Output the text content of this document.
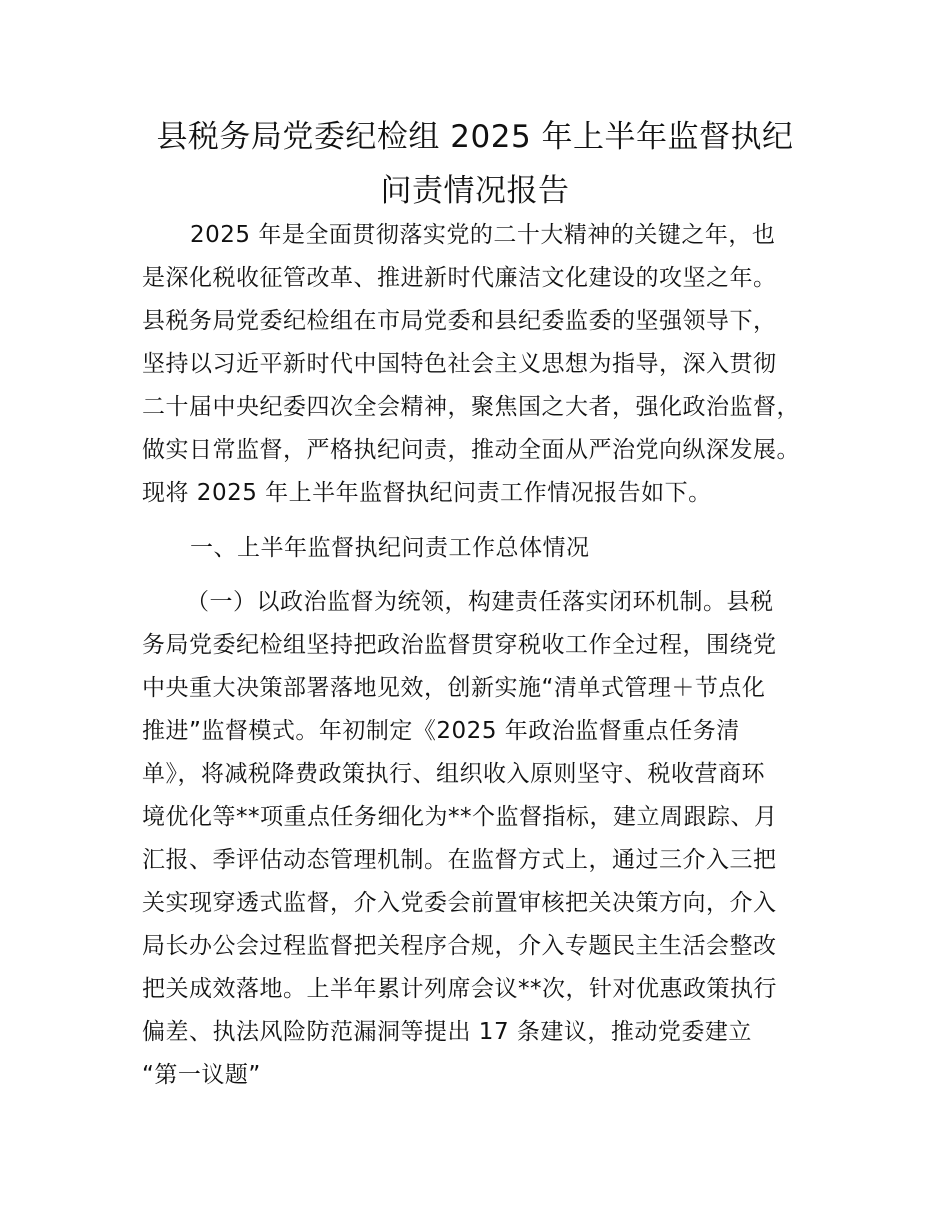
县税务局党委纪检组 2025 年上半年监督执纪
问责情况报告

2025 年是全面贯彻落实党的二十大精神的关键之年，也

是深化税收征管改革、推进新时代廉洁文化建设的攻坚之年。

县税务局党委纪检组在市局党委和县纪委监委的坚强领导下，

坚持以习近平新时代中国特色社会主义思想为指导，深入贯彻

二十届中央纪委四次全会精神，聚焦国之大者，强化政治监督，

做实日常监督，严格执纪问责，推动全面从严治党向纵深发展。

现将 2025 年上半年监督执纪问责工作情况报告如下。

一、上半年监督执纪问责工作总体情况

（一）以政治监督为统领，构建责任落实闭环机制。县税

务局党委纪检组坚持把政治监督贯穿税收工作全过程，围绕党

中央重大决策部署落地见效，创新实施“清单式管理＋节点化

推进”监督模式。年初制定《2025 年政治监督重点任务清

单》，将减税降费政策执行、组织收入原则坚守、税收营商环

境优化等**项重点任务细化为**个监督指标，建立周跟踪、月

汇报、季评估动态管理机制。在监督方式上，通过三介入三把

关实现穿透式监督，介入党委会前置审核把关决策方向，介入

局长办公会过程监督把关程序合规，介入专题民主生活会整改

把关成效落地。上半年累计列席会议**次，针对优惠政策执行

偏差、执法风险防范漏洞等提出 17 条建议，推动党委建立

“第一议题”
